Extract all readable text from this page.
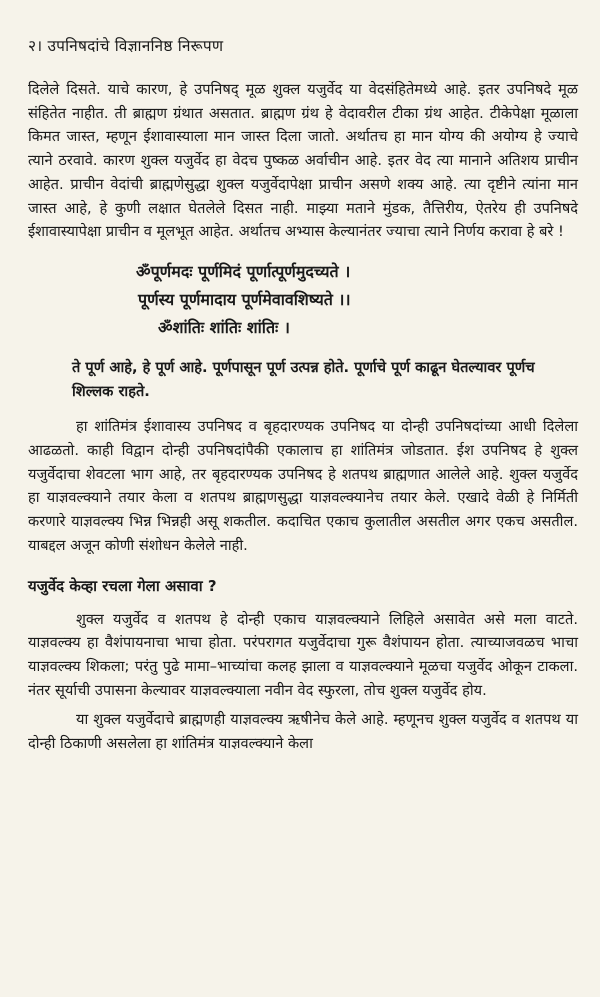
२। उपनिषदांचे विज्ञाननिष्ठ निरूपण

दिलेले दिसते. याचे कारण, हे उपनिषद् मूळ शुक्ल यजुर्वेद या वेदसंहितेमध्ये आहे. इतर उपनिषदे मूळ संहितेत नाहीत. ती ब्राह्मण ग्रंथात असतात. ब्राह्मण ग्रंथ हे वेदावरील टीका ग्रंथ आहेत. टीकेपेक्षा मूळाला किमत जास्त, म्हणून ईशावास्याला मान जास्त दिला जातो. अर्थातच हा मान योग्य की अयोग्य हे ज्याचे त्याने ठरवावे. कारण शुक्ल यजुर्वेद हा वेदच पुष्कळ अर्वाचीन आहे. इतर वेद त्या मानाने अतिशय प्राचीन आहेत. प्राचीन वेदांची ब्राह्मणेसुद्धा शुक्ल यजुर्वेदापेक्षा प्राचीन असणे शक्य आहे. त्या दृष्टीने त्यांना मान जास्त आहे, हे कुणी लक्षात घेतलेले दिसत नाही. माझ्या मताने मुंडक, तैत्तिरीय, ऐतरेय ही उपनिषदे ईशावास्यापेक्षा प्राचीन व मूलभूत आहेत. अर्थातच अभ्यास केल्यानंतर ज्याचा त्याने निर्णय करावा हे बरे !

ॐपूर्णमदः पूर्णमिदं पूर्णात्पूर्णमुदच्यते ।
पूर्णस्य पूर्णमादाय पूर्णमेवावशिष्यते ।।
ॐशांतिः शांतिः शांतिः ।

ते पूर्ण आहे, हे पूर्ण आहे. पूर्णपासून पूर्ण उत्पन्न होते. पूर्णाचे पूर्ण काढून घेतल्यावर पूर्णच शिल्लक राहते.

हा शांतिमंत्र ईशावास्य उपनिषद व बृहदारण्यक उपनिषद या दोन्ही उपनिषदांच्या आधी दिलेला आढळतो. काही विद्वान दोन्ही उपनिषदांपैकी एकालाच हा शांतिमंत्र जोडतात. ईश उपनिषद हे शुक्ल यजुर्वेदाचा शेवटला भाग आहे, तर बृहदारण्यक उपनिषद हे शतपथ ब्राह्मणात आलेले आहे. शुक्ल यजुर्वेद हा याज्ञवल्क्याने तयार केला व शतपथ ब्राह्मणसुद्धा याज्ञवल्क्यानेच तयार केले. एखादे वेळी हे निर्मिती करणारे याज्ञवल्क्य भिन्न भिन्नही असू शकतील. कदाचित एकाच कुलातील असतील अगर एकच असतील. याबद्दल अजून कोणी संशोधन केलेले नाही.

यजुर्वेद केव्हा रचला गेला असावा ?

शुक्ल यजुर्वेद व शतपथ हे दोन्ही एकाच याज्ञवल्क्याने लिहिले असावेत असे मला वाटते. याज्ञवल्क्य हा वैशंपायनाचा भाचा होता. परंपरागत यजुर्वेदाचा गुरू वैशंपायन होता. त्याच्याजवळच भाचा याज्ञवल्क्य शिकला; परंतु पुढे मामा–भाच्यांचा कलह झाला व याज्ञवल्क्याने मूळचा यजुर्वेद ओकून टाकला. नंतर सूर्याची उपासना केल्यावर याज्ञवल्क्याला नवीन वेद स्फुरला, तोच शुक्ल यजुर्वेद होय.

या शुक्ल यजुर्वेदाचे ब्राह्मणही याज्ञवल्क्य ऋषीनेच केले आहे. म्हणूनच शुक्ल यजुर्वेद व शतपथ या दोन्ही ठिकाणी असलेला हा शांतिमंत्र याज्ञवल्क्याने केला
